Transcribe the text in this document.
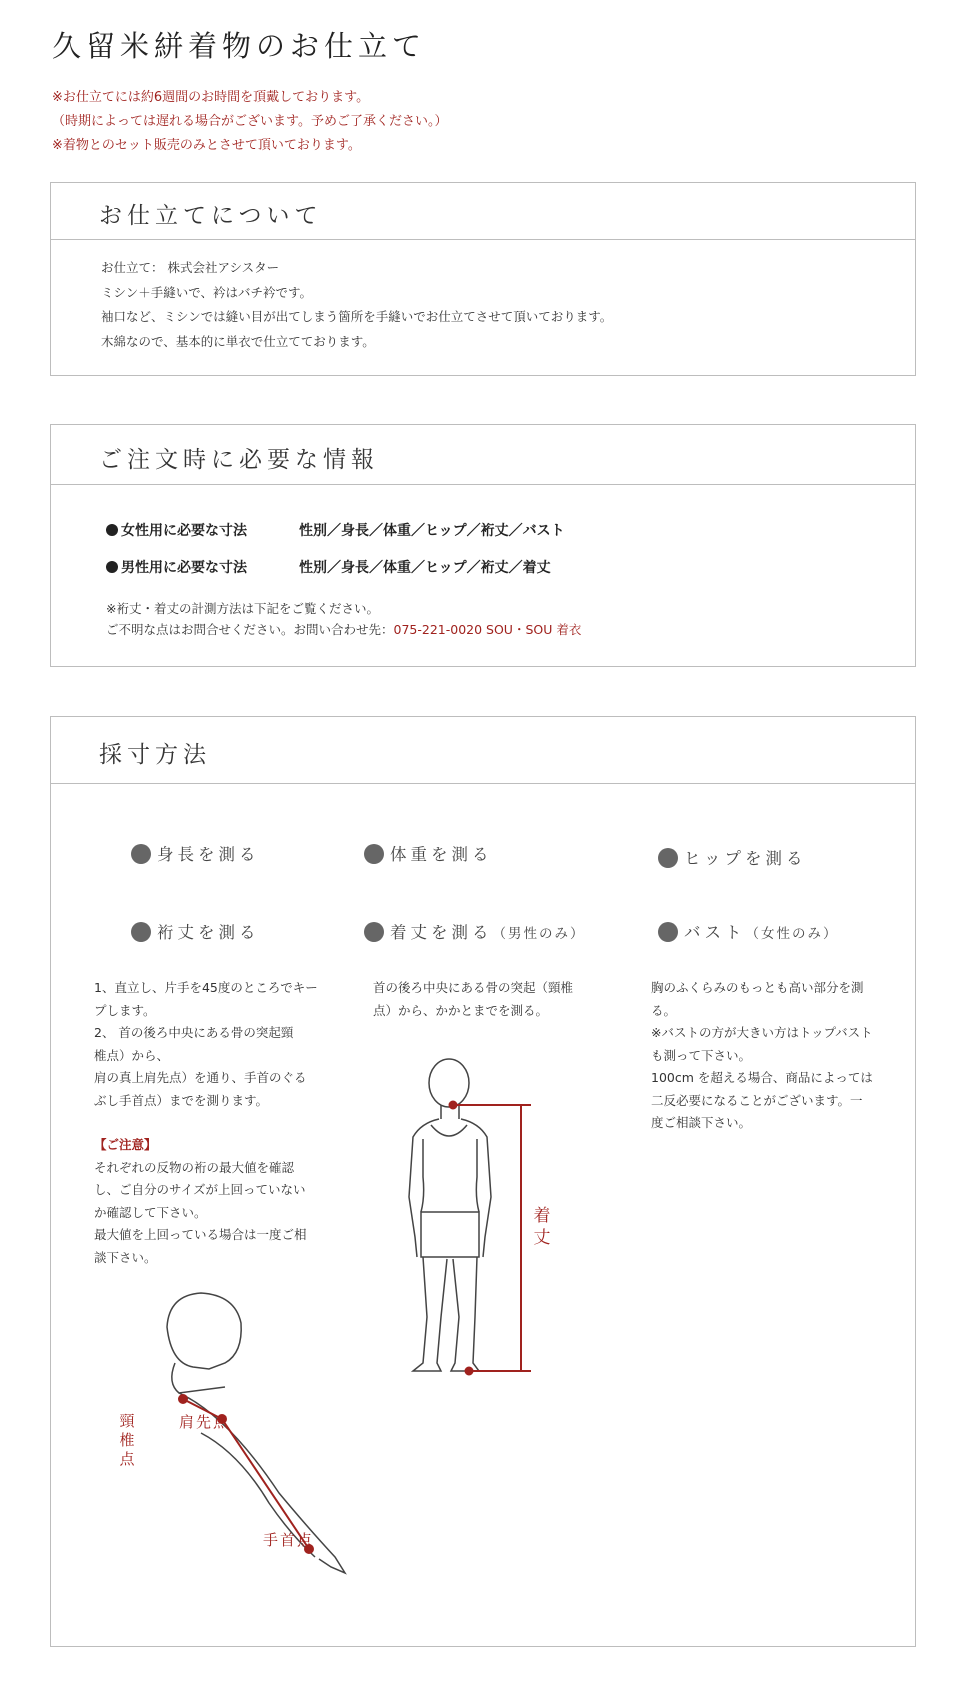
久留米絣着物のお仕立て
※お仕立てには約6週間のお時間を頂戴しております。
（時期によっては遅れる場合がございます。予めご了承ください。）
※着物とのセット販売のみとさせて頂いております。
お仕立てについて
お仕立て： 株式会社アシスター
ミシン＋手縫いで、衿はバチ衿です。
袖口など、ミシンでは縫い目が出てしまう箇所を手縫いでお仕立てさせて頂いております。
木綿なので、基本的に単衣で仕立てております。
ご注文時に必要な情報
女性用に必要な寸法	性別／身長／体重／ヒップ／裄丈／バスト
男性用に必要な寸法	性別／身長／体重／ヒップ／裄丈／着丈
※裄丈・着丈の計測方法は下記をご覧ください。
ご不明な点はお問合せください。お問い合わせ先：075-221-0020 SOU・SOU 着衣
採寸方法
身長を測る	体重を測る	ヒップを測る
裄丈を測る	着丈を測る（男性のみ）	バスト（女性のみ）
1、直立し、片手を45度のところでキー
プします。
2、 首の後ろ中央にある骨の突起頸
椎点）から、
肩の真上肩先点）を通り、手首のぐる
ぶし手首点）までを測ります。
【ご注意】
それぞれの反物の裄の最大値を確認
し、ご自分のサイズが上回っていない
か確認して下さい。
最大値を上回っている場合は一度ご相
談下さい。
首の後ろ中央にある骨の突起（頸椎
点）から、かかとまでを測る。
胸のふくらみのもっとも高い部分を測
る。
※バストの方が大きい方はトップバスト
も測って下さい。
100cm を超える場合、商品によっては
二反必要になることがございます。一
度ご相談下さい。
着丈
頸椎点
肩先点
手首点
